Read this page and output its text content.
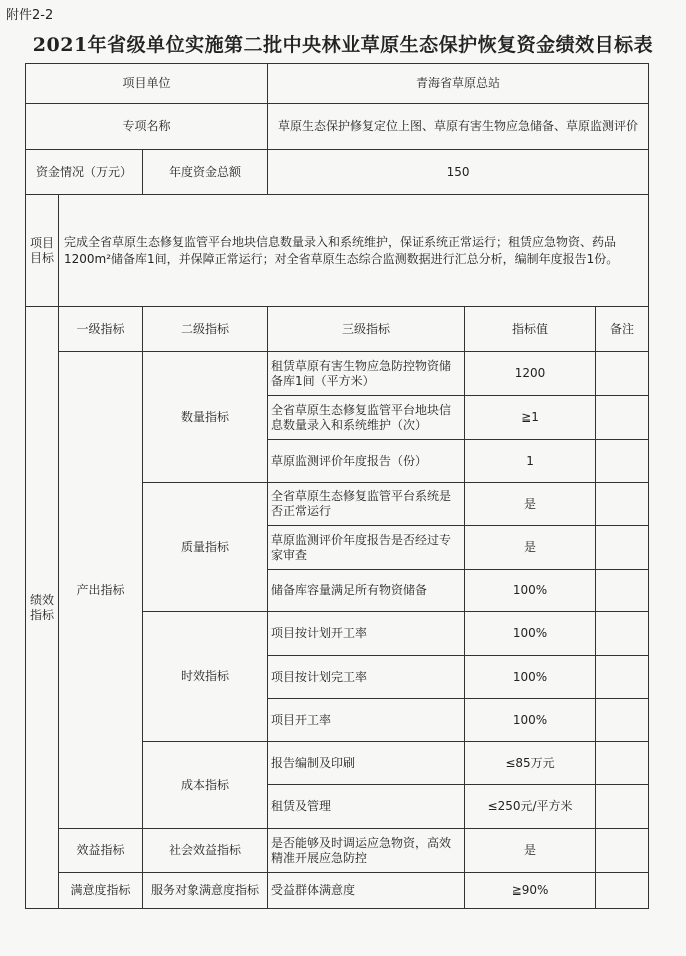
附件2-2
2021年省级单位实施第二批中央林业草原生态保护恢复资金绩效目标表
项目单位			青海省草原总站		
专项名称			草原生态保护修复定位上图、草原有害生物应急储备、草原监测评价		
资金情况（万元）		年度资金总额	150		
项目目标	完成全省草原生态修复监管平台地块信息数量录入和系统维护，保证系统正常运行；租赁应急物资、药品1200m²储备库1间，并保障正常运行；对全省草原生态综合监测数据进行汇总分析，编制年度报告1份。				
绩效指标	一级指标	二级指标	三级指标	指标值	备注
	产出指标	数量指标	租赁草原有害生物应急防控物资储备库1间（平方米）	1200	
			全省草原生态修复监管平台地块信息数量录入和系统维护（次）	≧1	
			草原监测评价年度报告（份）	1	
		质量指标	全省草原生态修复监管平台系统是否正常运行	是	
			草原监测评价年度报告是否经过专家审查	是	
			储备库容量满足所有物资储备	100%	
		时效指标	项目按计划开工率	100%	
			项目按计划完工率	100%	
			项目开工率	100%	
		成本指标	报告编制及印刷	≤85万元	
			租赁及管理	≤250元/平方米	
	效益指标	社会效益指标	是否能够及时调运应急物资，高效精准开展应急防控	是	
	满意度指标	服务对象满意度指标	受益群体满意度	≧90%	
